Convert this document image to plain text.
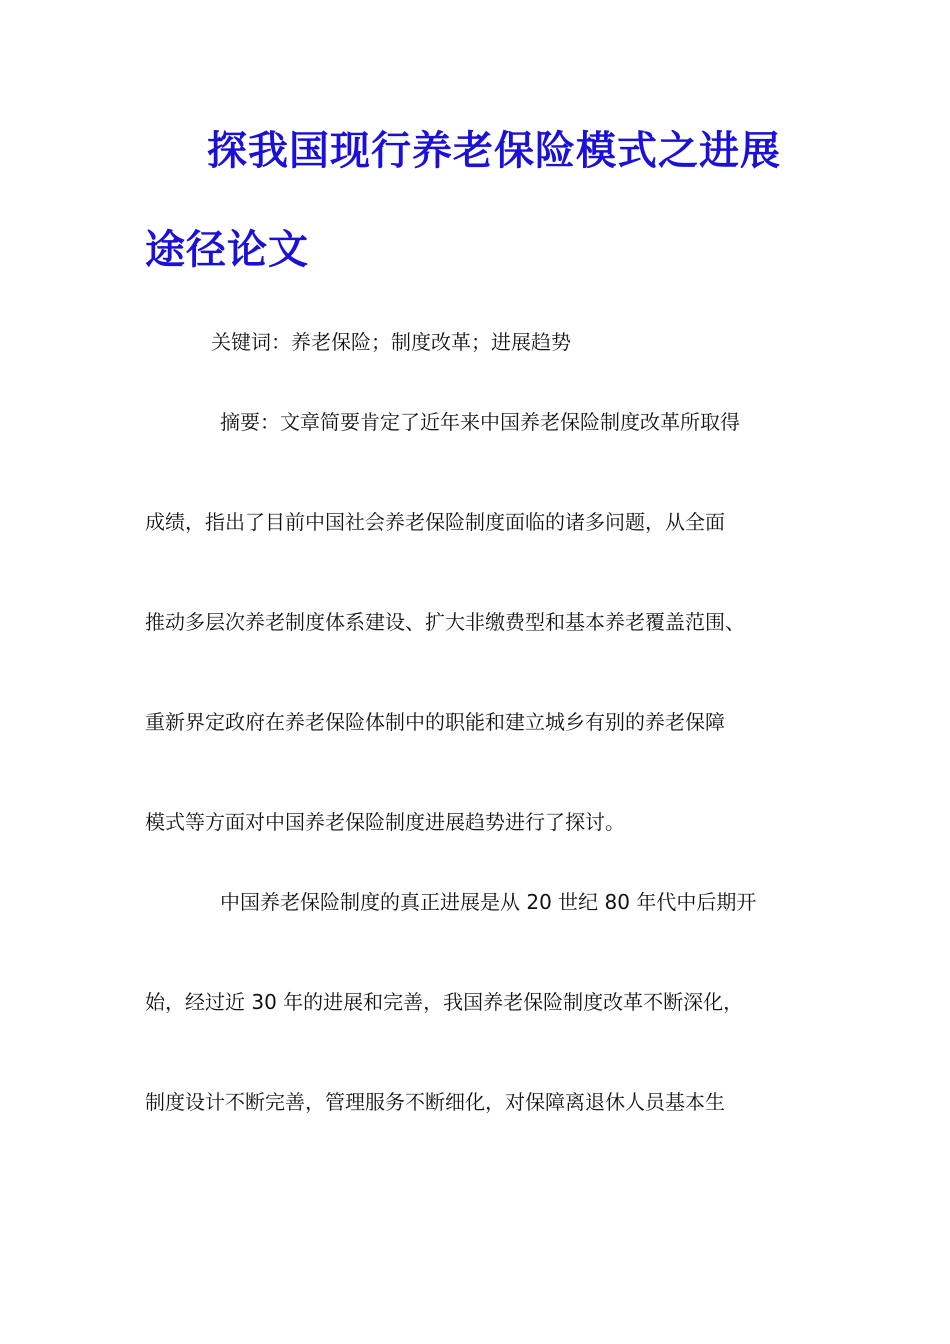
探我国现行养老保险模式之进展
途径论文

关键词：养老保险；制度改革；进展趋势

摘要：文章简要肯定了近年来中国养老保险制度改革所取得

成绩，指出了目前中国社会养老保险制度面临的诸多问题，从全面

推动多层次养老制度体系建设、扩大非缴费型和基本养老覆盖范围、

重新界定政府在养老保险体制中的职能和建立城乡有别的养老保障

模式等方面对中国养老保险制度进展趋势进行了探讨。

中国养老保险制度的真正进展是从 20 世纪 80 年代中后期开

始，经过近 30 年的进展和完善，我国养老保险制度改革不断深化，

制度设计不断完善，管理服务不断细化，对保障离退休人员基本生
